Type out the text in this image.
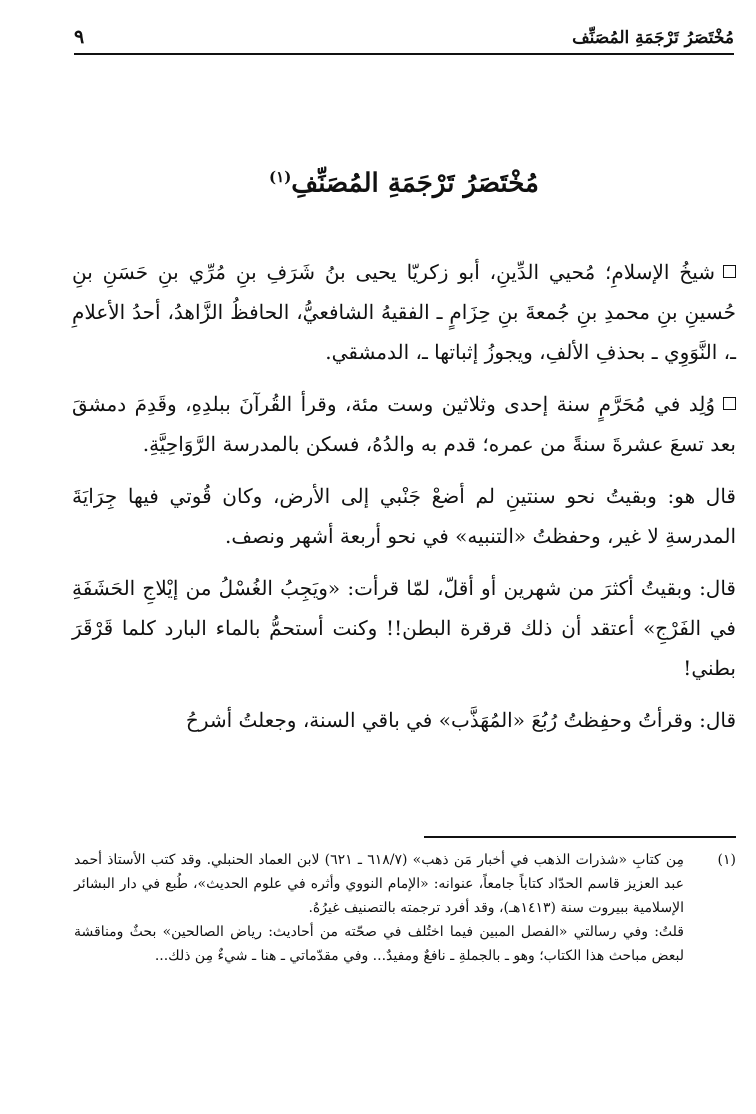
مُخْتَصَرُ تَرْجَمَةِ المُصَنِّف
٩
مُخْتَصَرُ تَرْجَمَةِ المُصَنِّفِ$^{(١)}$

شيخُ الإسلامِ؛ مُحيي الدِّينِ، أبو زكريّا يحيى بنُ شَرَفِ بنِ مُرِّي بنِ حَسَنِ بنِ حُسينِ بنِ محمدِ بنِ جُمعةَ بنِ حِزَامٍ ـ الفقيهُ الشافعيُّ، الحافظُ الزَّاهدُ، أحدُ الأعلامِ ـ، النَّوَوِي ـ بحذفِ الألفِ، ويجوزُ إثباتها ـ، الدمشقي.

وُلِد في مُحَرَّمٍ سنة إحدى وثلاثين وست مئة، وقرأ القُرآنَ ببلدِهِ، وقَدِمَ دمشقَ بعد تسعَ عشرةَ سنةً من عمره؛ قدم به والدُهُ، فسكن بالمدرسة الرَّوَاحِيَّةِ.

قال هو: وبقيتُ نحو سنتينِ لم أضعْ جَنْبي إلى الأرض، وكان قُوتي فيها جِرَايَةَ المدرسةِ لا غير، وحفظتُ «التنبيه» في نحو أربعة أشهر ونصف.

قال: وبقيتُ أكثرَ من شهرين أو أقلّ، لمّا قرأت: «ويَجِبُ الغُسْلُ من إيْلاجِ الحَشَفَةِ في الفَرْجِ» أعتقد أن ذلك قرقرة البطن!! وكنت أستحمُّ بالماء البارد كلما قَرْقَرَ بطني!

قال: وقرأتُ وحفِظتُ رُبُعَ «المُهَذَّب» في باقي السنة، وجعلتُ أشرحُ

(١)

مِن كتابِ «شذرات الذهب في أخبار مَن ذهب» (٦١٨/٧ ـ ٦٢١) لابن العماد الحنبلي. وقد كتب الأستاذ أحمد عبد العزيز قاسم الحدّاد كتاباً جامعاً، عنوانه: «الإمام النووي وأثره في علوم الحديث»، طُبع في دار البشائر الإسلامية ببيروت سنة (١٤١٣هـ)، وقد أفرد ترجمته بالتصنيف غيرُهُ.

قلتُ: وفي رسالتي «الفصل المبين فيما اختُلف في صحّته من أحاديث: رياض الصالحين» بحثٌ ومناقشة لبعض مباحث هذا الكتاب؛ وهو ـ بالجملةِ ـ نافعٌ ومفيدٌ... وفي مقدّماتي ـ هنا ـ شيءٌ مِن ذلك...
